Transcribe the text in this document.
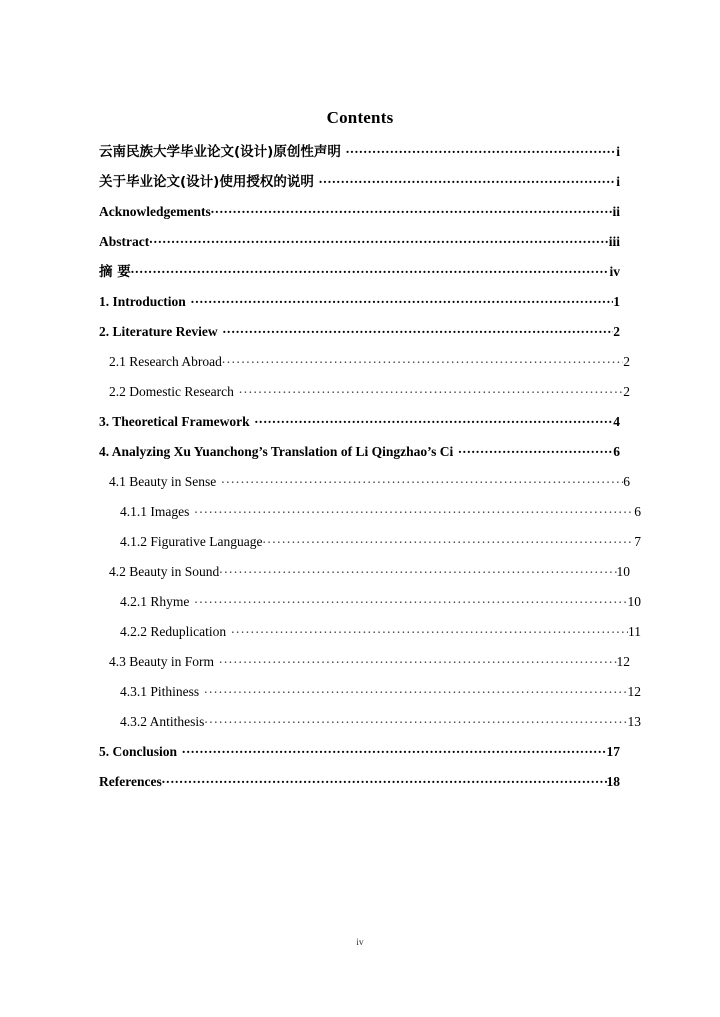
Contents
云南民族大学毕业论文(设计)原创性声明 .....	i
关于毕业论文(设计)使用授权的说明 .....	i
Acknowledgements .....	ii
Abstract .....	iii
摘 要 .....	iv
1. Introduction .....	1
2. Literature Review .....	2
2.1 Research Abroad .....	2
2.2 Domestic Research .....	2
3. Theoretical Framework .....	4
4. Analyzing Xu Yuanchong’s Translation of Li Qingzhao’s Ci .....	6
4.1 Beauty in Sense .....	6
4.1.1 Images .....	6
4.1.2 Figurative Language .....	7
4.2 Beauty in Sound .....	10
4.2.1 Rhyme .....	10
4.2.2 Reduplication .....	11
4.3 Beauty in Form .....	12
4.3.1 Pithiness .....	12
4.3.2 Antithesis .....	13
5. Conclusion .....	17
References .....	18
iv
